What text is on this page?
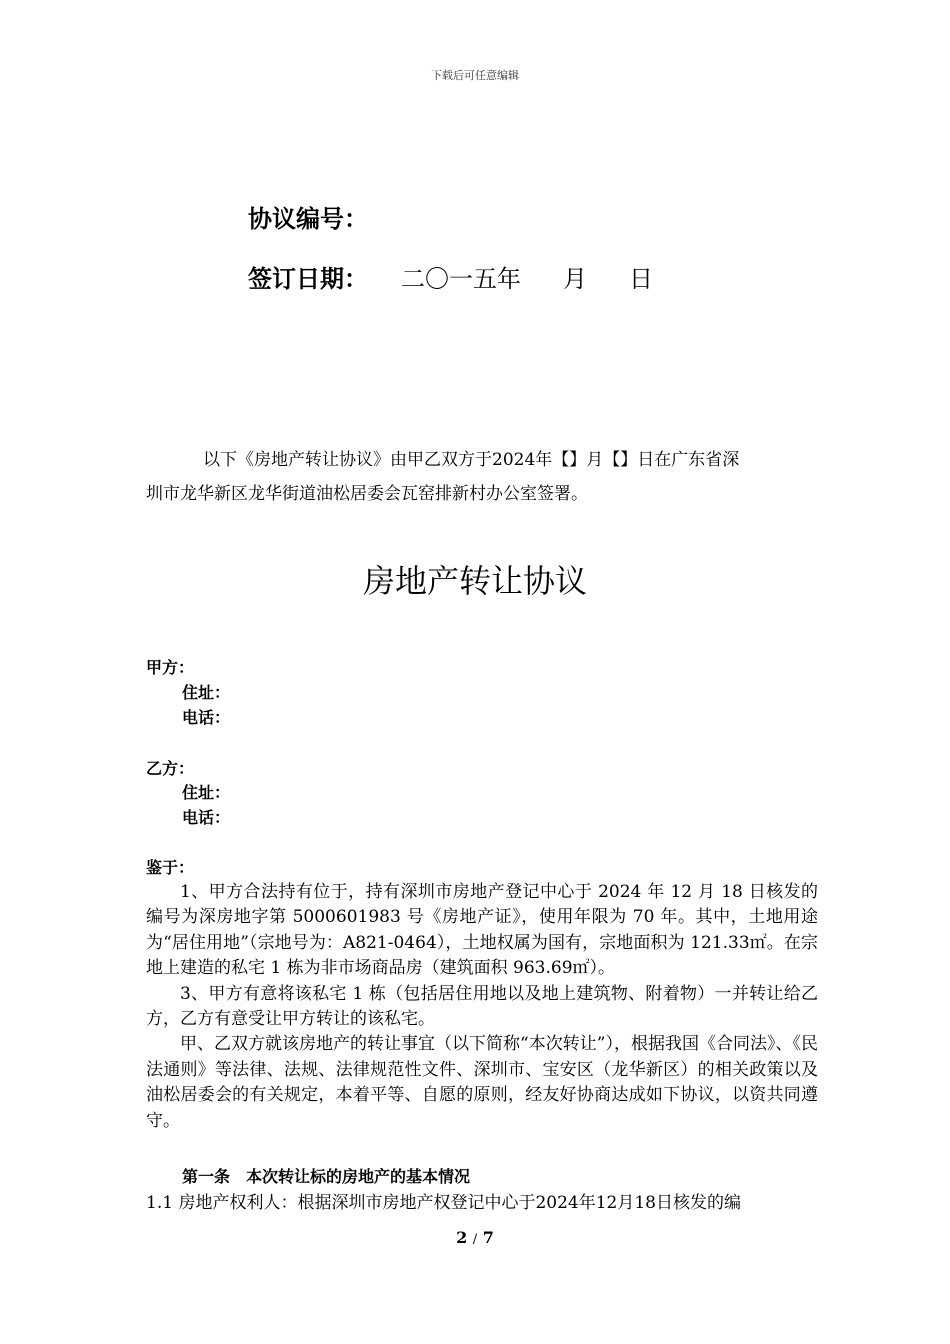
下载后可任意编辑
协议编号：
签订日期： 二〇一五年 月 日
以下《房地产转让协议》由甲乙双方于2024年【】月【】日在广东省深
圳市龙华新区龙华街道油松居委会瓦窑排新村办公室签署。
房地产转让协议
甲方：
住址：
电话：
乙方：
住址：
电话：
鉴于：

1、甲方合法持有位于，持有深圳市房地产登记中心于 2024 年 12 月 18 日核发的编号为深房地字第 5000601983 号《房地产证》，使用年限为 70 年。其中，土地用途为“居住用地”（宗地号为：A821-0464），土地权属为国有，宗地面积为 121.33㎡。在宗地上建造的私宅 1 栋为非市场商品房（建筑面积 963.69㎡）。

3、甲方有意将该私宅 1 栋（包括居住用地以及地上建筑物、附着物）一并转让给乙方，乙方有意受让甲方转让的该私宅。

甲、乙双方就该房地产的转让事宜（以下简称“本次转让”），根据我国《合同法》、《民法通则》等法律、法规、法律规范性文件、深圳市、宝安区（龙华新区）的相关政策以及油松居委会的有关规定，本着平等、自愿的原则，经友好协商达成如下协议，以资共同遵守。

第一条　本次转让标的房地产的基本情况
1.1 房地产权利人：根据深圳市房地产权登记中心于2024年12月18日核发的编
2 / 7
